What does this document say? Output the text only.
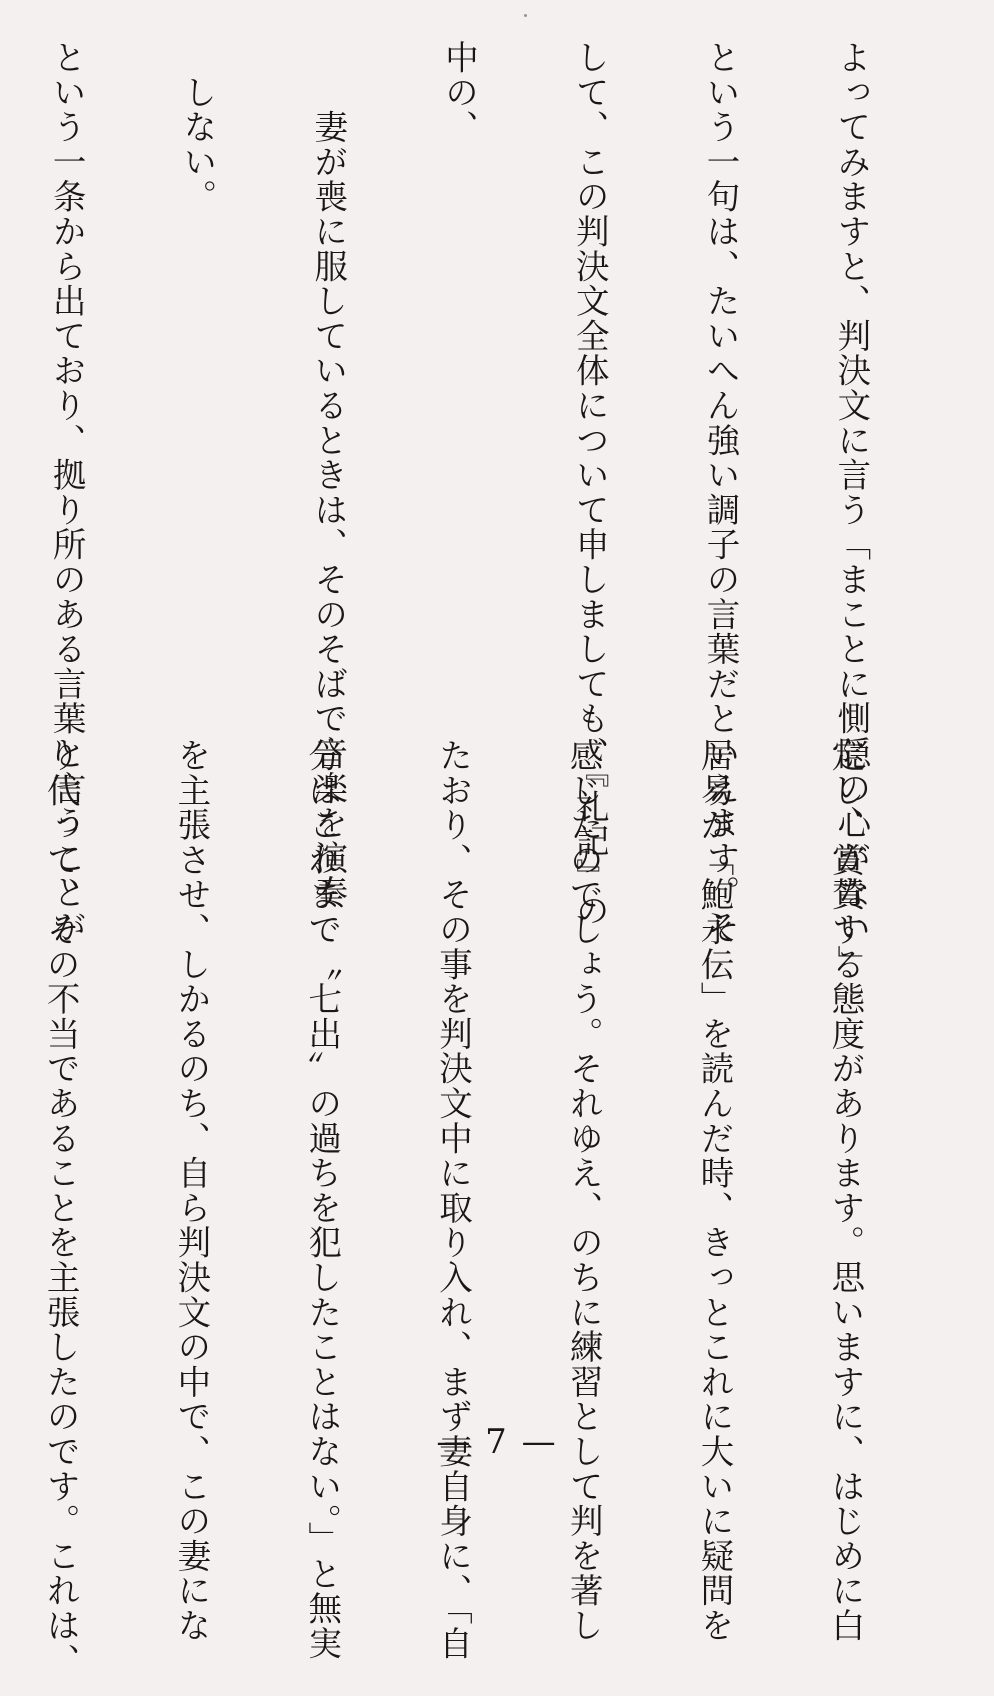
よってみますと、判決文に言う「まことに惻隠の心がない」

という一句は、たいへん強い調子の言葉だといえます。そ

して、この判決文全体について申しましても、『礼記』の

中の、

　　妻が喪に服しているときは、そのそばで音楽を演奏

　しない。

という一条から出ており、拠り所のある言葉と言うことが

定し、賞賛する態度があります。思いますに、はじめに白

居易が「鮑永伝」を読んだ時、きっとこれに大いに疑問を

感じたのでしょう。それゆえ、のちに練習として判を著し

たおり、その事を判決文中に取り入れ、まず妻自身に、「自

分はこれまで〝七出〟の過ちを犯したことはない。」と無実

を主張させ、しかるのち、自ら判決文の中で、この妻にな

り代って、その不当であることを主張したのです。これは、

	— 7 —
